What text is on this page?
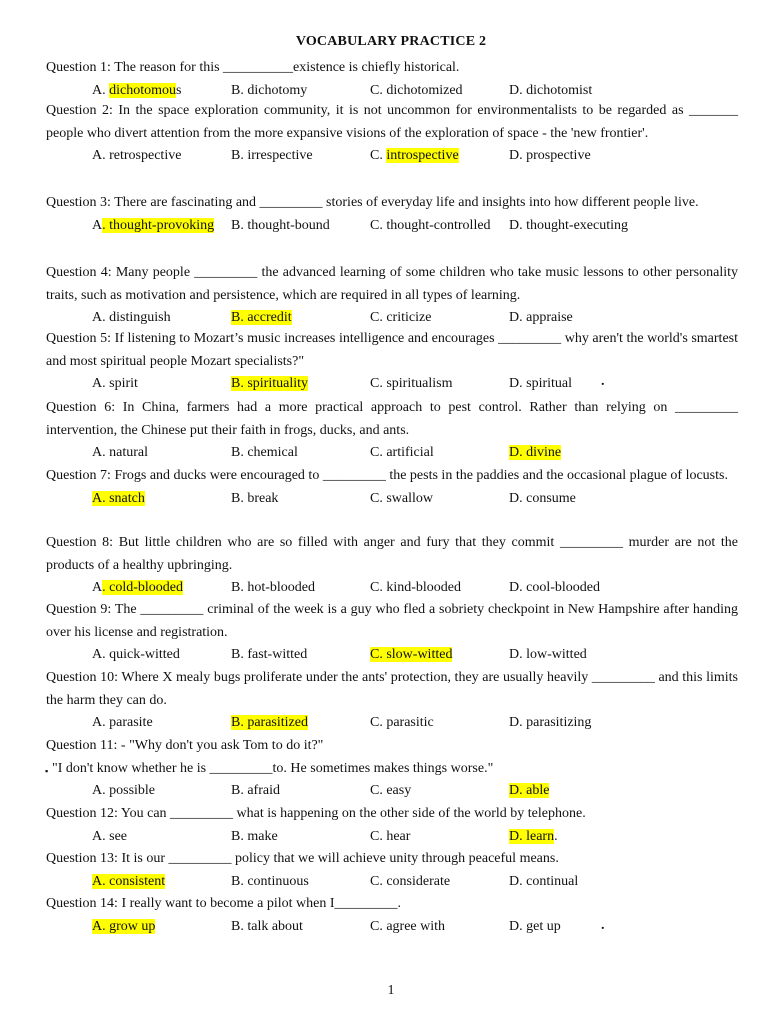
VOCABULARY PRACTICE 2
Question 1: The reason for this __________existence is chiefly historical.
A. dichotomous	B. dichotomy	C. dichotomized	D. dichotomist
Question 2: In the space exploration community, it is not uncommon for environmentalists to be regarded as _______ people who divert attention from the more expansive visions of the exploration of space - the 'new frontier'.
A. retrospective	B. irrespective	C. introspective	D. prospective
Question 3: There are fascinating and _________ stories of everyday life and insights into how different people live.
A. thought-provoking B. thought-bound	C. thought-controlled D. thought-executing
Question 4: Many people _________ the advanced learning of some children who take music lessons to other personality traits, such as motivation and persistence, which are required in all types of learning.
A. distinguish	B. accredit	C. criticize	D. appraise
Question 5: If listening to Mozart’s music increases intelligence and encourages _________ why aren't the world's smartest and most spiritual people Mozart specialists?"
A. spirit	B. spirituality	C. spiritualism	D. spiritual
Question 6: In China, farmers had a more practical approach to pest control. Rather than relying on _________ intervention, the Chinese put their faith in frogs, ducks, and ants.
A. natural	B. chemical	C. artificial	D. divine
Question 7: Frogs and ducks were encouraged to _________ the pests in the paddies and the occasional plague of locusts.
A. snatch	B. break	C. swallow	D. consume
Question 8: But little children who are so filled with anger and fury that they commit _________ murder are not the products of a healthy upbringing.
A. cold-blooded	B. hot-blooded	C. kind-blooded	D. cool-blooded
Question 9: The _________ criminal of the week is a guy who fled a sobriety checkpoint in New Hampshire after handing over his license and registration.
A. quick-witted	B. fast-witted	C. slow-witted	D. low-witted
Question 10: Where X mealy bugs proliferate under the ants' protection, they are usually heavily _________ and this limits the harm they can do.
A. parasite	B. parasitized	C. parasitic	D. parasitizing
Question 11: - "Why don't you ask Tom to do it?"
▪ "I don't know whether he is _________to. He sometimes makes things worse."
A. possible	B. afraid	C. easy	D. able
Question 12: You can _________ what is happening on the other side of the world by telephone.
A. see	B. make	C. hear	D. learn.
Question 13: It is our _________ policy that we will achieve unity through peaceful means.
A. consistent	B. continuous	C. considerate	D. continual
Question 14: I really want to become a pilot when I_________.
A. grow up	B. talk about	C. agree with	D. get up
1
.
.
